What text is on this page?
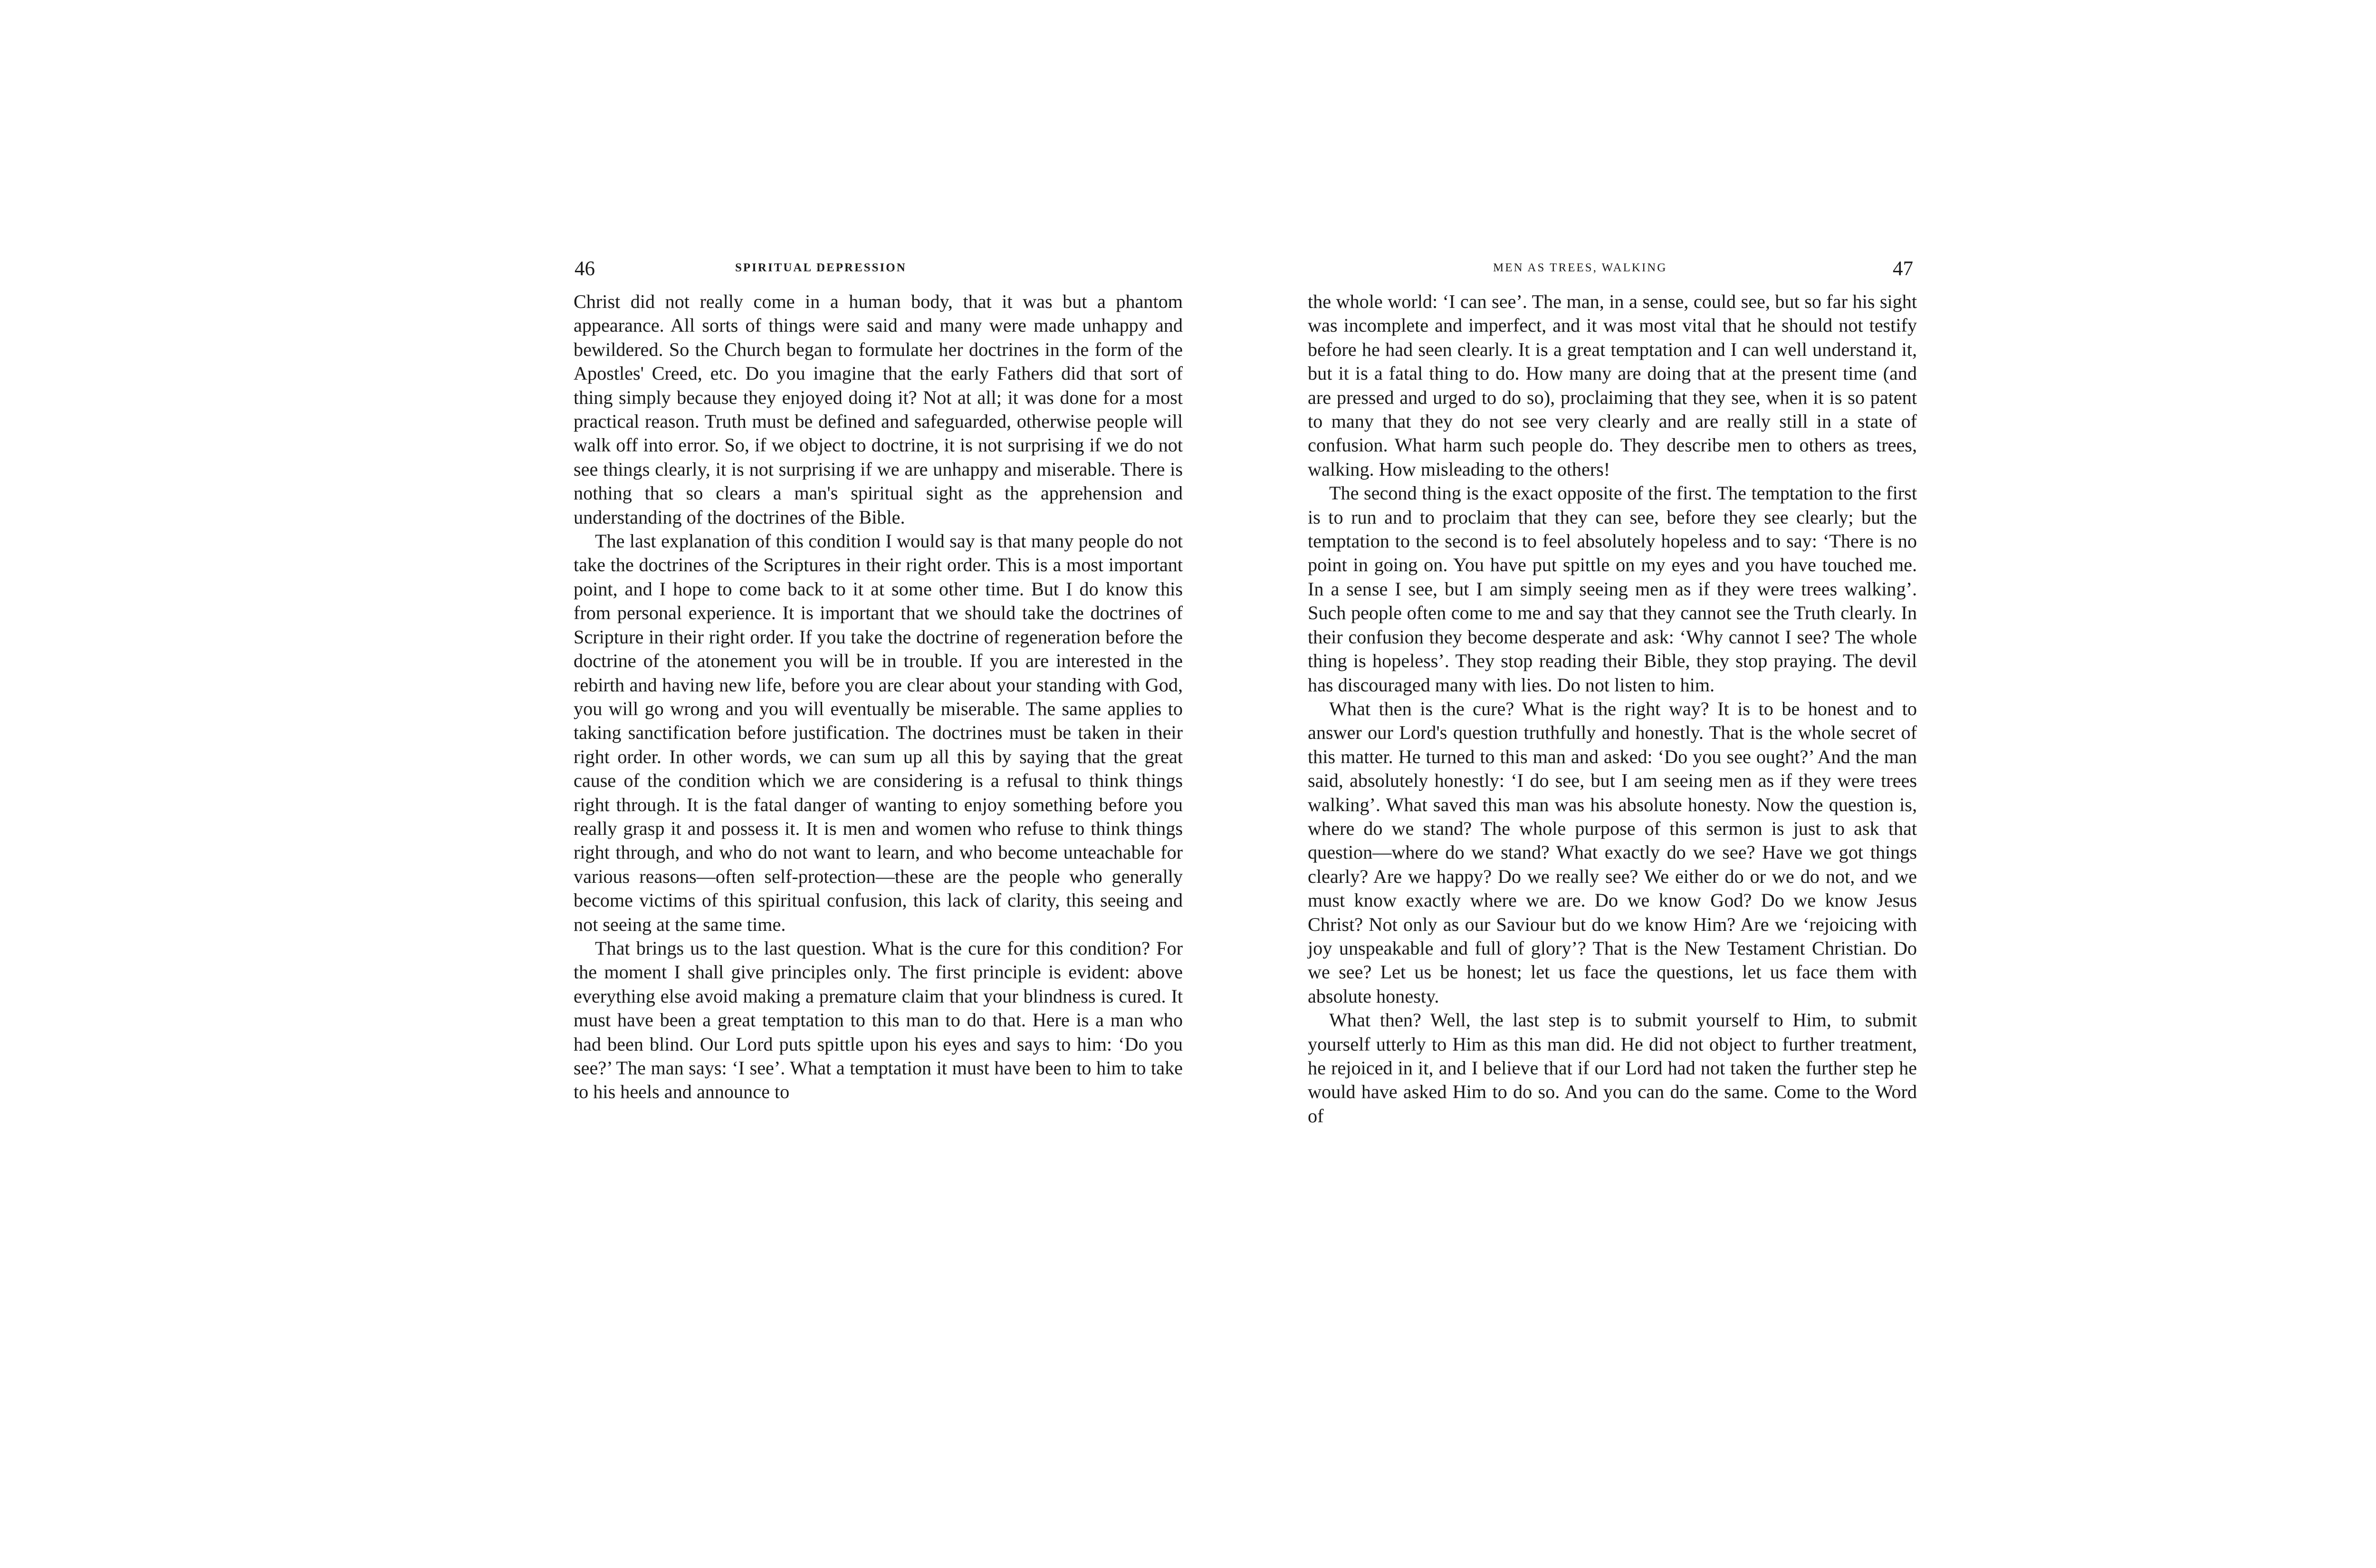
46	SPIRITUAL DEPRESSION

Christ did not really come in a human body, that it was but a phantom appearance. All sorts of things were said and many were made unhappy and bewildered. So the Church began to formulate her doctrines in the form of the Apostles' Creed, etc. Do you imagine that the early Fathers did that sort of thing simply because they enjoyed doing it? Not at all; it was done for a most practical reason. Truth must be defined and safeguarded, otherwise people will walk off into error. So, if we object to doctrine, it is not surprising if we do not see things clearly, it is not surprising if we are unhappy and miserable. There is nothing that so clears a man's spiritual sight as the apprehension and understanding of the doctrines of the Bible.

The last explanation of this condition I would say is that many people do not take the doctrines of the Scriptures in their right order. This is a most important point, and I hope to come back to it at some other time. But I do know this from personal experience. It is important that we should take the doctrines of Scripture in their right order. If you take the doctrine of regeneration before the doctrine of the atonement you will be in trouble. If you are interested in the rebirth and having new life, before you are clear about your standing with God, you will go wrong and you will eventually be miserable. The same applies to taking sanctification before justification. The doctrines must be taken in their right order. In other words, we can sum up all this by saying that the great cause of the condition which we are considering is a refusal to think things right through. It is the fatal danger of wanting to enjoy something before you really grasp it and possess it. It is men and women who refuse to think things right through, and who do not want to learn, and who become unteachable for various reasons—often self-protection—these are the people who generally become victims of this spiritual confusion, this lack of clarity, this seeing and not seeing at the same time.

That brings us to the last question. What is the cure for this condition? For the moment I shall give principles only. The first principle is evident: above everything else avoid making a premature claim that your blindness is cured. It must have been a great temptation to this man to do that. Here is a man who had been blind. Our Lord puts spittle upon his eyes and says to him: ‘Do you see?’ The man says: ‘I see’. What a temptation it must have been to him to take to his heels and announce to

MEN AS TREES, WALKING	47

the whole world: ‘I can see’. The man, in a sense, could see, but so far his sight was incomplete and imperfect, and it was most vital that he should not testify before he had seen clearly. It is a great temptation and I can well understand it, but it is a fatal thing to do. How many are doing that at the present time (and are pressed and urged to do so), proclaiming that they see, when it is so patent to many that they do not see very clearly and are really still in a state of confusion. What harm such people do. They describe men to others as trees, walking. How misleading to the others!

The second thing is the exact opposite of the first. The temptation to the first is to run and to proclaim that they can see, before they see clearly; but the temptation to the second is to feel absolutely hopeless and to say: ‘There is no point in going on. You have put spittle on my eyes and you have touched me. In a sense I see, but I am simply seeing men as if they were trees walking’. Such people often come to me and say that they cannot see the Truth clearly. In their confusion they become desperate and ask: ‘Why cannot I see? The whole thing is hopeless’. They stop reading their Bible, they stop praying. The devil has discouraged many with lies. Do not listen to him.

What then is the cure? What is the right way? It is to be honest and to answer our Lord's question truthfully and honestly. That is the whole secret of this matter. He turned to this man and asked: ‘Do you see ought?’ And the man said, absolutely honestly: ‘I do see, but I am seeing men as if they were trees walking’. What saved this man was his absolute honesty. Now the question is, where do we stand? The whole purpose of this sermon is just to ask that question—where do we stand? What exactly do we see? Have we got things clearly? Are we happy? Do we really see? We either do or we do not, and we must know exactly where we are. Do we know God? Do we know Jesus Christ? Not only as our Saviour but do we know Him? Are we ‘rejoicing with joy unspeakable and full of glory’? That is the New Testament Christian. Do we see? Let us be honest; let us face the questions, let us face them with absolute honesty.

What then? Well, the last step is to submit yourself to Him, to submit yourself utterly to Him as this man did. He did not object to further treatment, he rejoiced in it, and I believe that if our Lord had not taken the further step he would have asked Him to do so. And you can do the same. Come to the Word of
